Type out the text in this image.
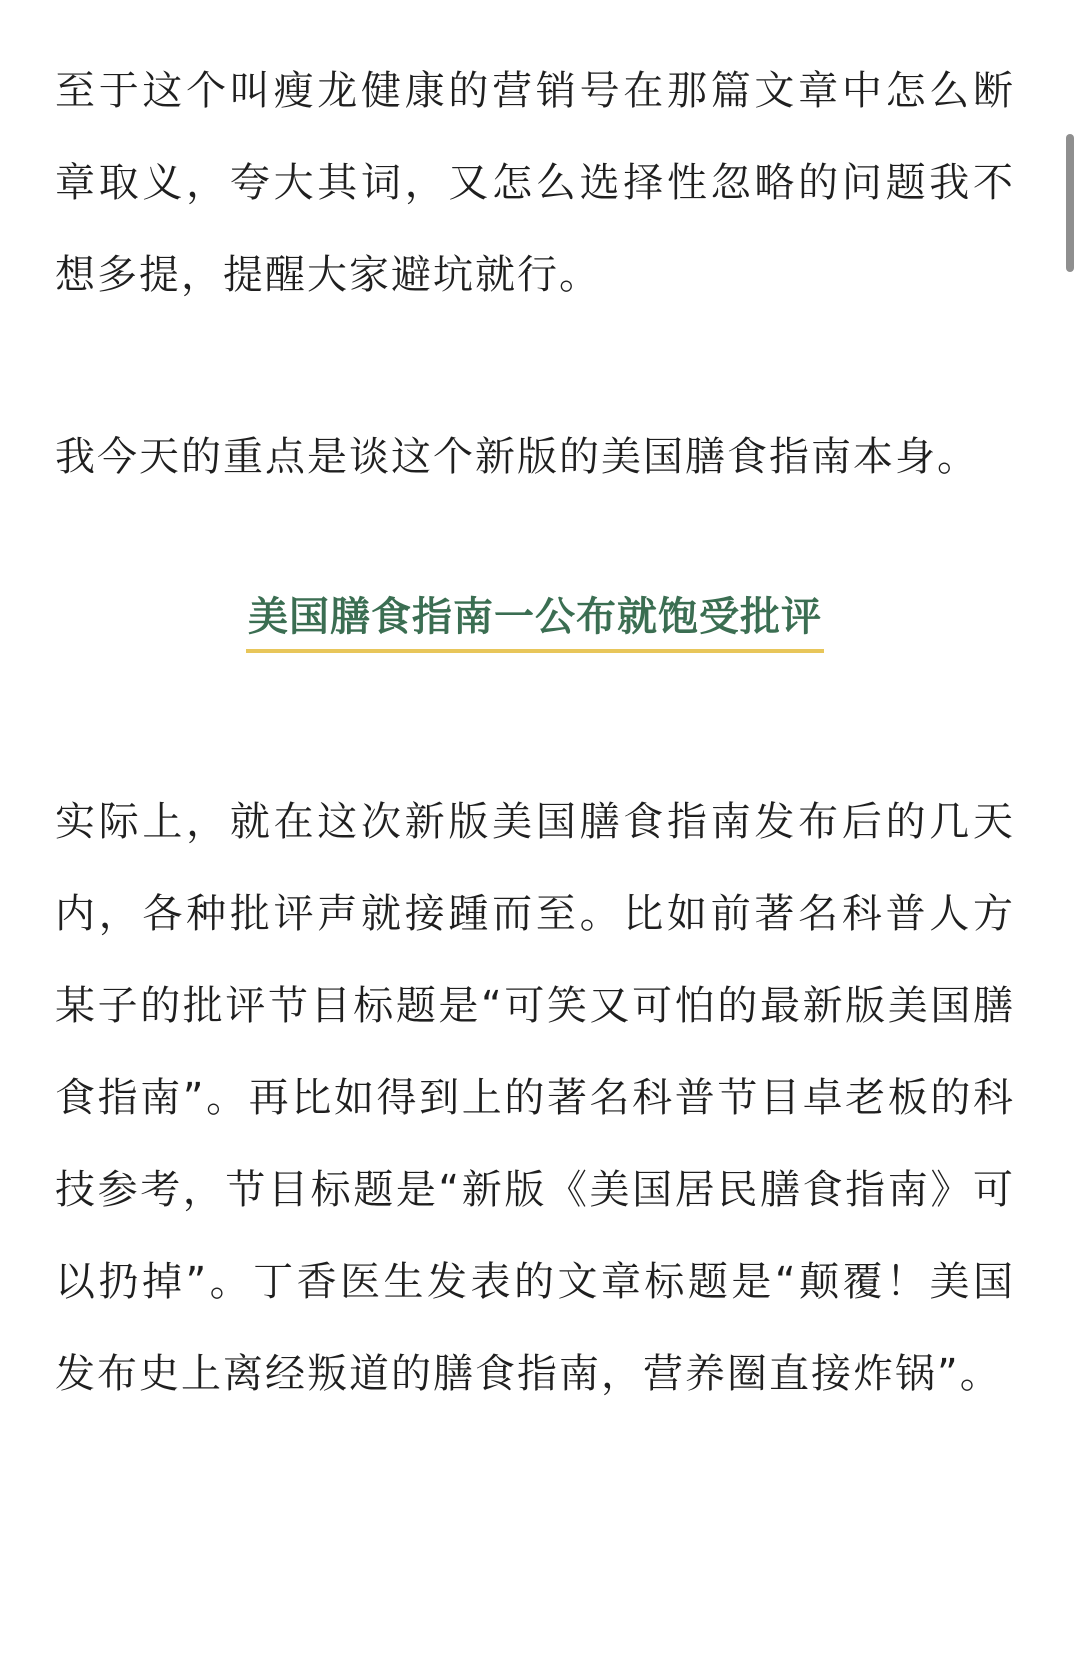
至于这个叫瘦龙健康的营销号在那篇文章中怎么断章取义，夸大其词，又怎么选择性忽略的问题我不想多提，提醒大家避坑就行。

我今天的重点是谈这个新版的美国膳食指南本身。

美国膳食指南一公布就饱受批评

实际上，就在这次新版美国膳食指南发布后的几天内，各种批评声就接踵而至。比如前著名科普人方某子的批评节目标题是“可笑又可怕的最新版美国膳食指南”。再比如得到上的著名科普节目卓老板的科技参考，节目标题是“新版《美国居民膳食指南》可以扔掉”。丁香医生发表的文章标题是“颠覆！美国发布史上离经叛道的膳食指南，营养圈直接炸锅”。
